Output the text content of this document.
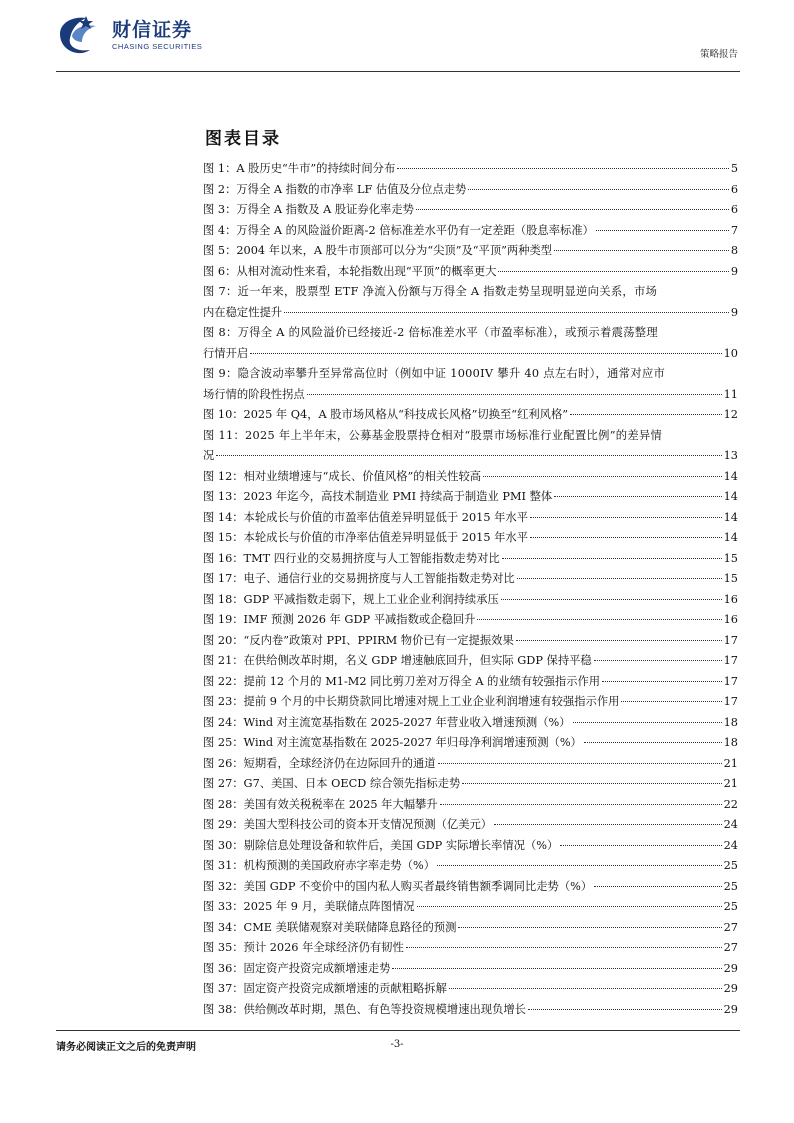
财信证券
CHASING SECURITIES
策略报告
图表目录
图 1：A 股历史“牛市”的持续时间分布	5
图 2：万得全 A 指数的市净率 LF 估值及分位点走势	6
图 3：万得全 A 指数及 A 股证券化率走势	6
图 4：万得全 A 的风险溢价距离-2 倍标准差水平仍有一定差距（股息率标准）	7
图 5：2004 年以来，A 股牛市顶部可以分为“尖顶”及“平顶”两种类型	8
图 6：从相对流动性来看，本轮指数出现“平顶”的概率更大	9
图 7：近一年来，股票型 ETF 净流入份额与万得全 A 指数走势呈现明显逆向关系，市场
内在稳定性提升	9
图 8：万得全 A 的风险溢价已经接近-2 倍标准差水平（市盈率标准），或预示着震荡整理
行情开启	10
图 9：隐含波动率攀升至异常高位时（例如中证 1000IV 攀升 40 点左右时），通常对应市
场行情的阶段性拐点	11
图 10：2025 年 Q4，A 股市场风格从“科技成长风格”切换至“红利风格”	12
图 11：2025 年上半年末，公募基金股票持仓相对“股票市场标准行业配置比例”的差异情
况	13
图 12：相对业绩增速与“成长、价值风格”的相关性较高	14
图 13：2023 年迄今，高技术制造业 PMI 持续高于制造业 PMI 整体	14
图 14：本轮成长与价值的市盈率估值差异明显低于 2015 年水平	14
图 15：本轮成长与价值的市净率估值差异明显低于 2015 年水平	14
图 16：TMT 四行业的交易拥挤度与人工智能指数走势对比	15
图 17：电子、通信行业的交易拥挤度与人工智能指数走势对比	15
图 18：GDP 平减指数走弱下，规上工业企业利润持续承压	16
图 19：IMF 预测 2026 年 GDP 平减指数或企稳回升	16
图 20：“反内卷”政策对 PPI、PPIRM 物价已有一定提振效果	17
图 21：在供给侧改革时期，名义 GDP 增速触底回升，但实际 GDP 保持平稳	17
图 22：提前 12 个月的 M1-M2 同比剪刀差对万得全 A 的业绩有较强指示作用	17
图 23：提前 9 个月的中长期贷款同比增速对规上工业企业利润增速有较强指示作用	17
图 24：Wind 对主流宽基指数在 2025-2027 年营业收入增速预测（%）	18
图 25：Wind 对主流宽基指数在 2025-2027 年归母净利润增速预测（%）	18
图 26：短期看，全球经济仍在边际回升的通道	21
图 27：G7、美国、日本 OECD 综合领先指标走势	21
图 28：美国有效关税税率在 2025 年大幅攀升	22
图 29：美国大型科技公司的资本开支情况预测（亿美元）	24
图 30：剔除信息处理设备和软件后，美国 GDP 实际增长率情况（%）	24
图 31：机构预测的美国政府赤字率走势（%）	25
图 32：美国 GDP 不变价中的国内私人购买者最终销售额季调同比走势（%）	25
图 33：2025 年 9 月，美联储点阵图情况	25
图 34：CME 美联储观察对美联储降息路径的预测	27
图 35：预计 2026 年全球经济仍有韧性	27
图 36：固定资产投资完成额增速走势	29
图 37：固定资产投资完成额增速的贡献粗略拆解	29
图 38：供给侧改革时期，黑色、有色等投资规模增速出现负增长	29
请务必阅读正文之后的免责声明	-3-
